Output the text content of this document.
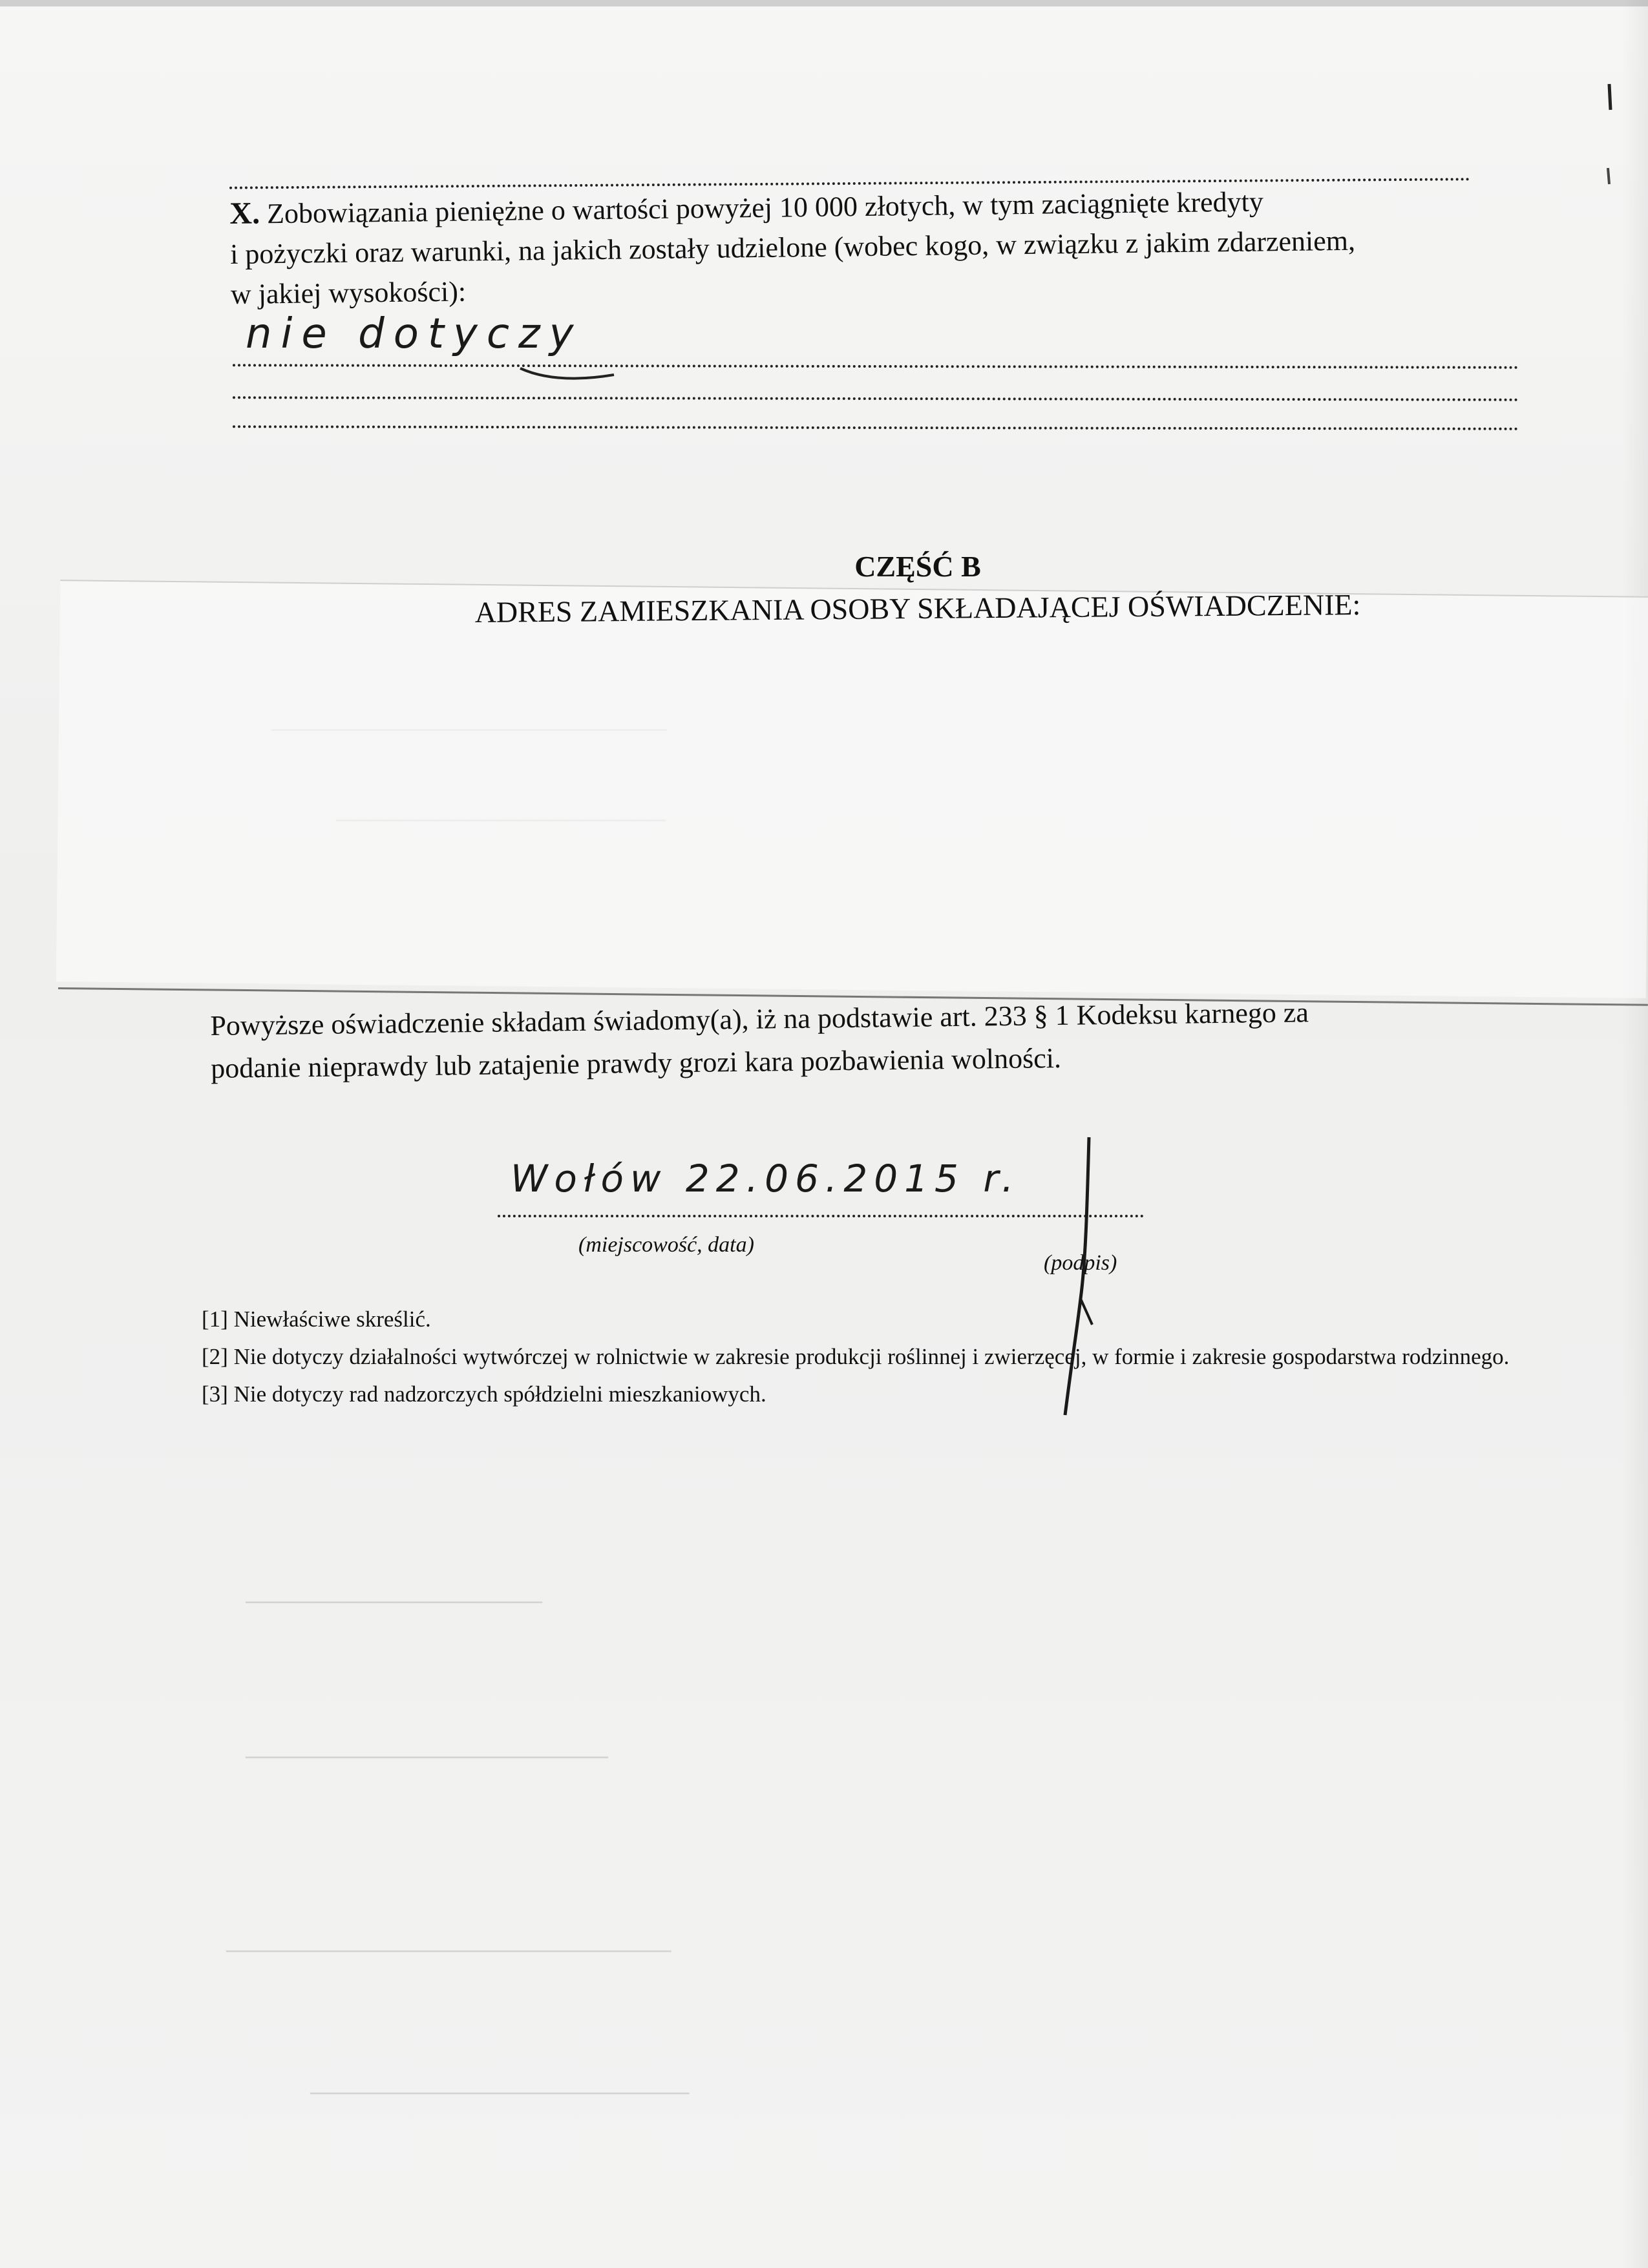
──────────────────
──────────────────────
───────────────────────────
───────────────────────

X. Zobowiązania pieniężne o wartości powyżej 10 000 złotych, w tym zaciągnięte kredyty

i pożyczki oraz warunki, na jakich zostały udzielone (wobec kogo, w związku z jakim zdarzeniem,

w jakiej wysokości):

nie dotyczy
CZĘŚĆ B
ADRES ZAMIESZKANIA OSOBY SKŁADAJĄCEJ OŚWIADCZENIE:

Powyższe oświadczenie składam świadomy(a), iż na podstawie art. 233 § 1 Kodeksu karnego za

podanie nieprawdy lub zatajenie prawdy grozi kara pozbawienia wolności.

Wołów 22.06.2015 r.
(miejscowość, data)
(podpis)

[1] Niewłaściwe skreślić.

[2] Nie dotyczy działalności wytwórczej w rolnictwie w zakresie produkcji roślinnej i zwierzęcej, w formie i zakresie gospodarstwa rodzinnego.

[3] Nie dotyczy rad nadzorczych spółdzielni mieszkaniowych.
